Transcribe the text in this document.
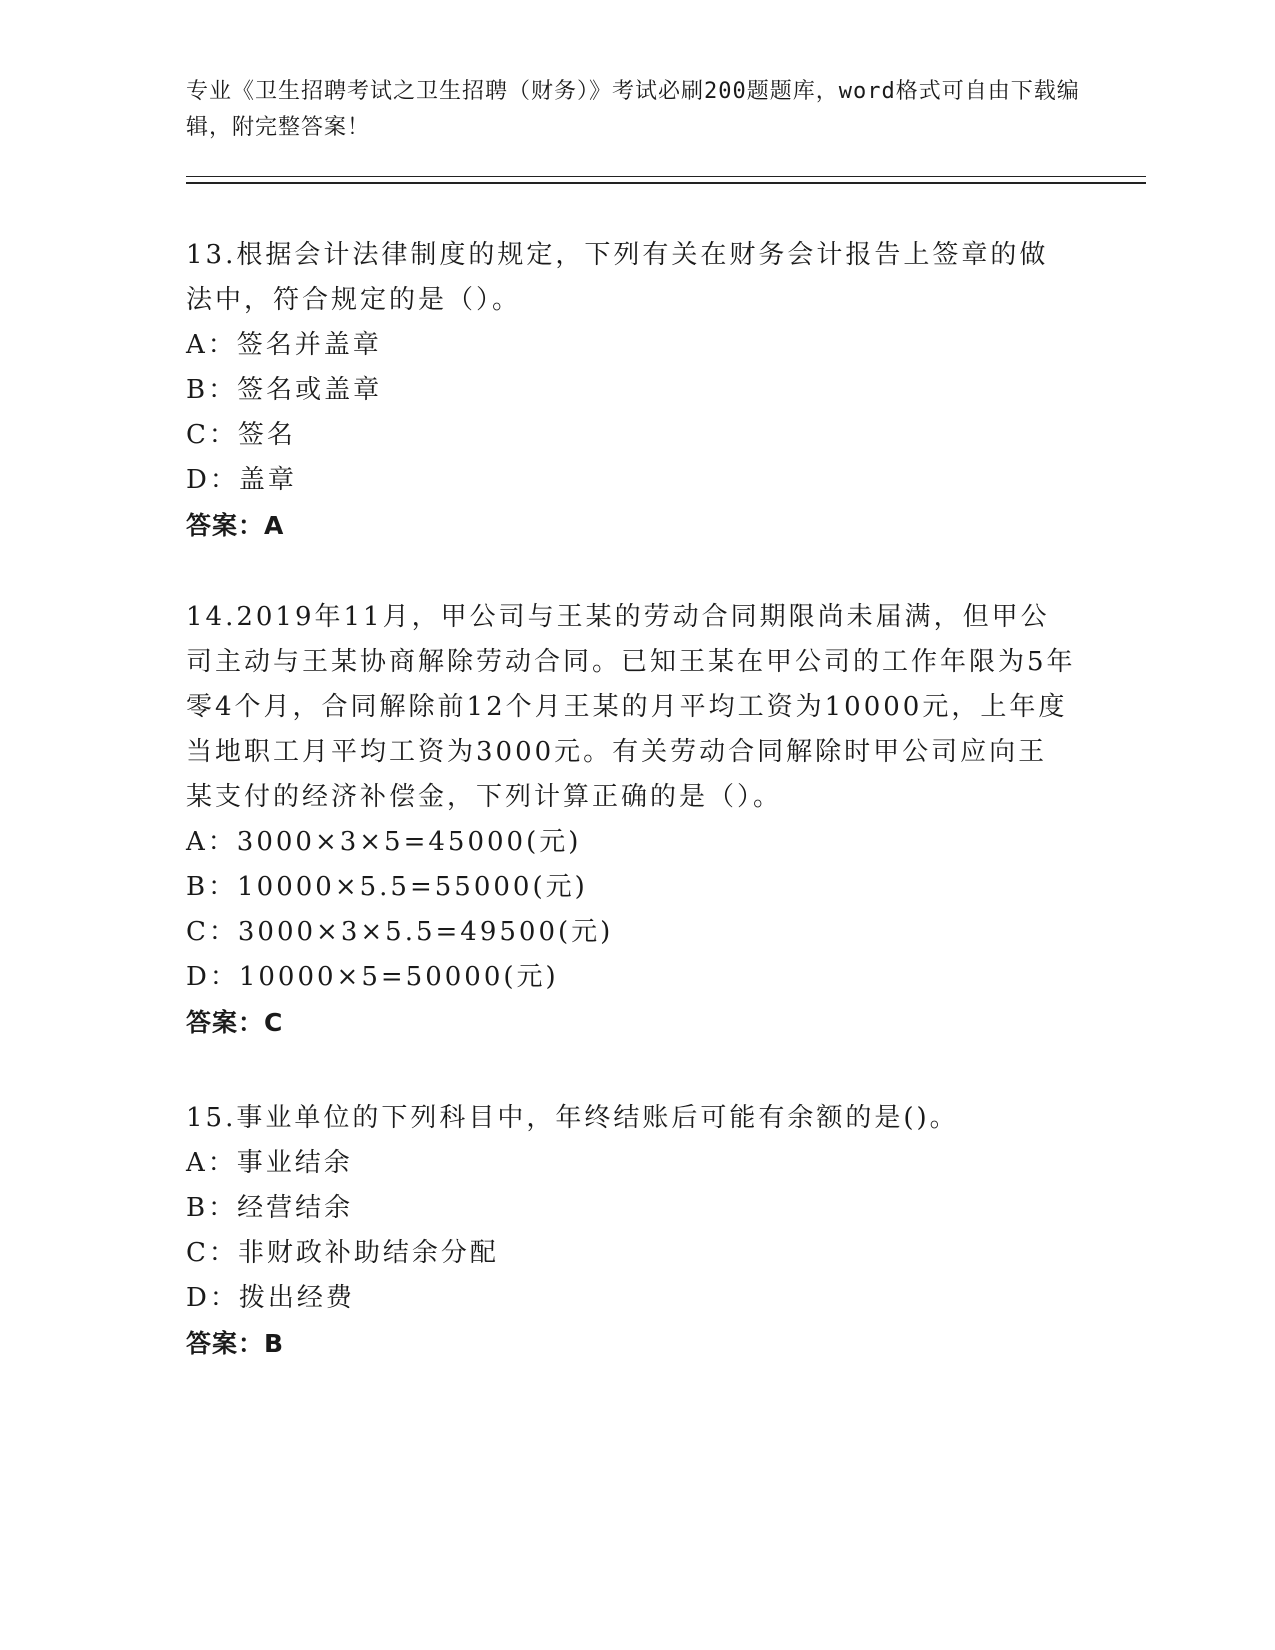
专业《卫生招聘考试之卫生招聘（财务）》考试必刷200题题库，word格式可自由下载编辑，附完整答案！
13.根据会计法律制度的规定，下列有关在财务会计报告上签章的做法中，符合规定的是（）。
A：签名并盖章
B：签名或盖章
C：签名
D：盖章
答案：A
14.2019年11月，甲公司与王某的劳动合同期限尚未届满，但甲公司主动与王某协商解除劳动合同。已知王某在甲公司的工作年限为5年零4个月，合同解除前12个月王某的月平均工资为10000元，上年度当地职工月平均工资为3000元。有关劳动合同解除时甲公司应向王某支付的经济补偿金，下列计算正确的是（）。
A：3000×3×5=45000(元)
B：10000×5.5=55000(元)
C：3000×3×5.5=49500(元)
D：10000×5=50000(元)
答案：C
15.事业单位的下列科目中，年终结账后可能有余额的是()。
A：事业结余
B：经营结余
C：非财政补助结余分配
D：拨出经费
答案：B
